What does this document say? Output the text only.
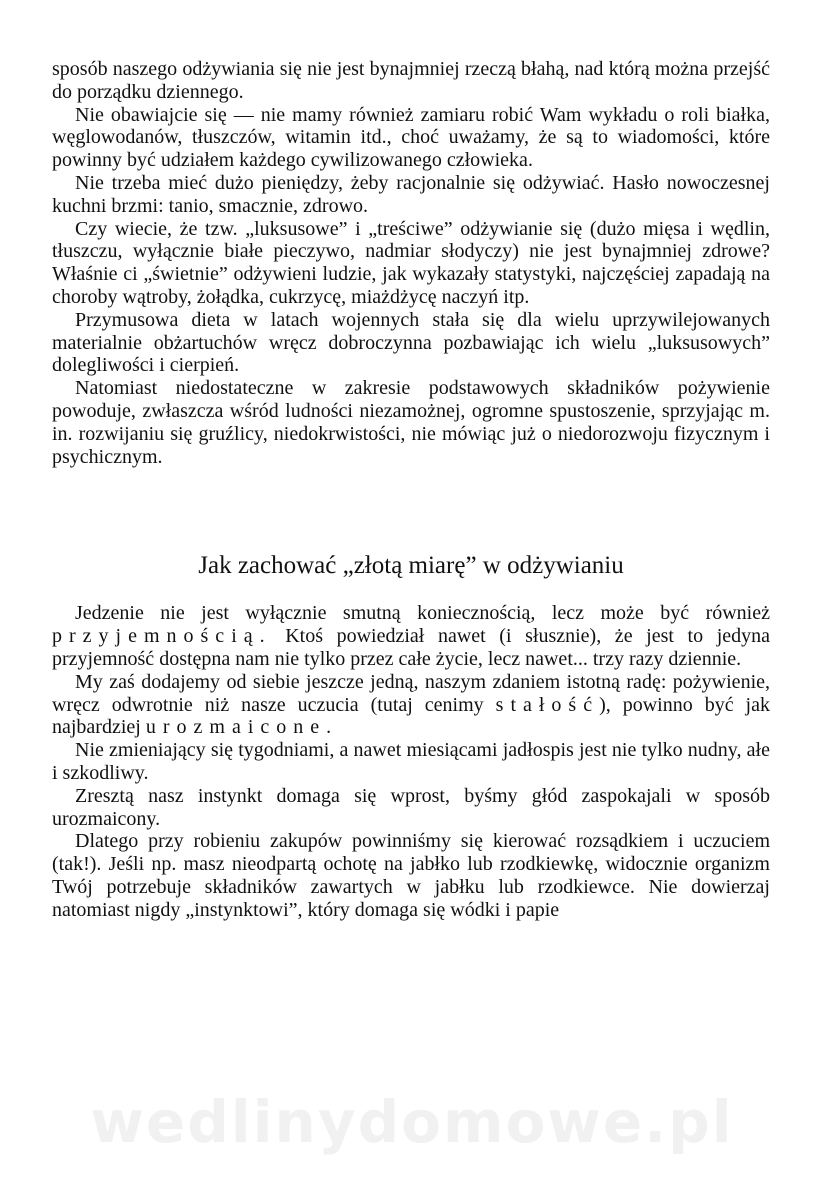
sposób naszego odżywiania się nie jest bynajmniej rzeczą błahą, nad którą można przejść do porządku dziennego.

Nie obawiajcie się — nie mamy również zamiaru robić Wam wykładu o roli białka, węglowodanów, tłuszczów, witamin itd., choć uważamy, że są to wiadomości, które powinny być udziałem każdego cywilizowanego człowieka.

Nie trzeba mieć dużo pieniędzy, żeby racjonalnie się odżywiać. Hasło nowoczesnej kuchni brzmi: tanio, smacznie, zdrowo.

Czy wiecie, że tzw. „luksusowe” i „treściwe” odżywianie się (dużo mięsa i wędlin, tłuszczu, wyłącznie białe pieczywo, nadmiar słodyczy) nie jest bynajmniej zdrowe? Właśnie ci „świetnie” odżywieni ludzie, jak wykazały statystyki, najczęściej zapadają na choroby wątroby, żołądka, cukrzycę, miażdżycę naczyń itp.

Przymusowa dieta w latach wojennych stała się dla wielu uprzywilejowanych materialnie obżartuchów wręcz dobroczynna pozbawiając ich wielu „luksusowych” dolegliwości i cierpień.

Natomiast niedostateczne w zakresie podstawowych składników pożywienie powoduje, zwłaszcza wśród ludności niezamożnej, ogromne spustoszenie, sprzyjając m. in. rozwijaniu się gruźlicy, niedokrwistości, nie mówiąc już o niedorozwoju fizycznym i psychicznym.

Jak zachować „złotą miarę” w odżywianiu

Jedzenie nie jest wyłącznie smutną koniecznością, lecz może być również przyjemnością. Ktoś powiedział nawet (i słusznie), że jest to jedyna przyjemność dostępna nam nie tylko przez całe życie, lecz nawet... trzy razy dziennie.

My zaś dodajemy od siebie jeszcze jedną, naszym zdaniem istotną radę: pożywienie, wręcz odwrotnie niż nasze uczucia (tutaj cenimy stałość), powinno być jak najbardziej urozmaicone.

Nie zmieniający się tygodniami, a nawet miesiącami jadłospis jest nie tylko nudny, ałe i szkodliwy.

Zresztą nasz instynkt domaga się wprost, byśmy głód zaspokajali w sposób urozmaicony.

Dlatego przy robieniu zakupów powinniśmy się kierować rozsądkiem i uczuciem (tak!). Jeśli np. masz nieodpartą ochotę na jabłko lub rzodkiewkę, widocznie organizm Twój potrzebuje składników zawartych w jabłku lub rzodkiewce. Nie dowierzaj natomiast nigdy „instynktowi”, który domaga się wódki i papie

wedlinydomowe.pl
